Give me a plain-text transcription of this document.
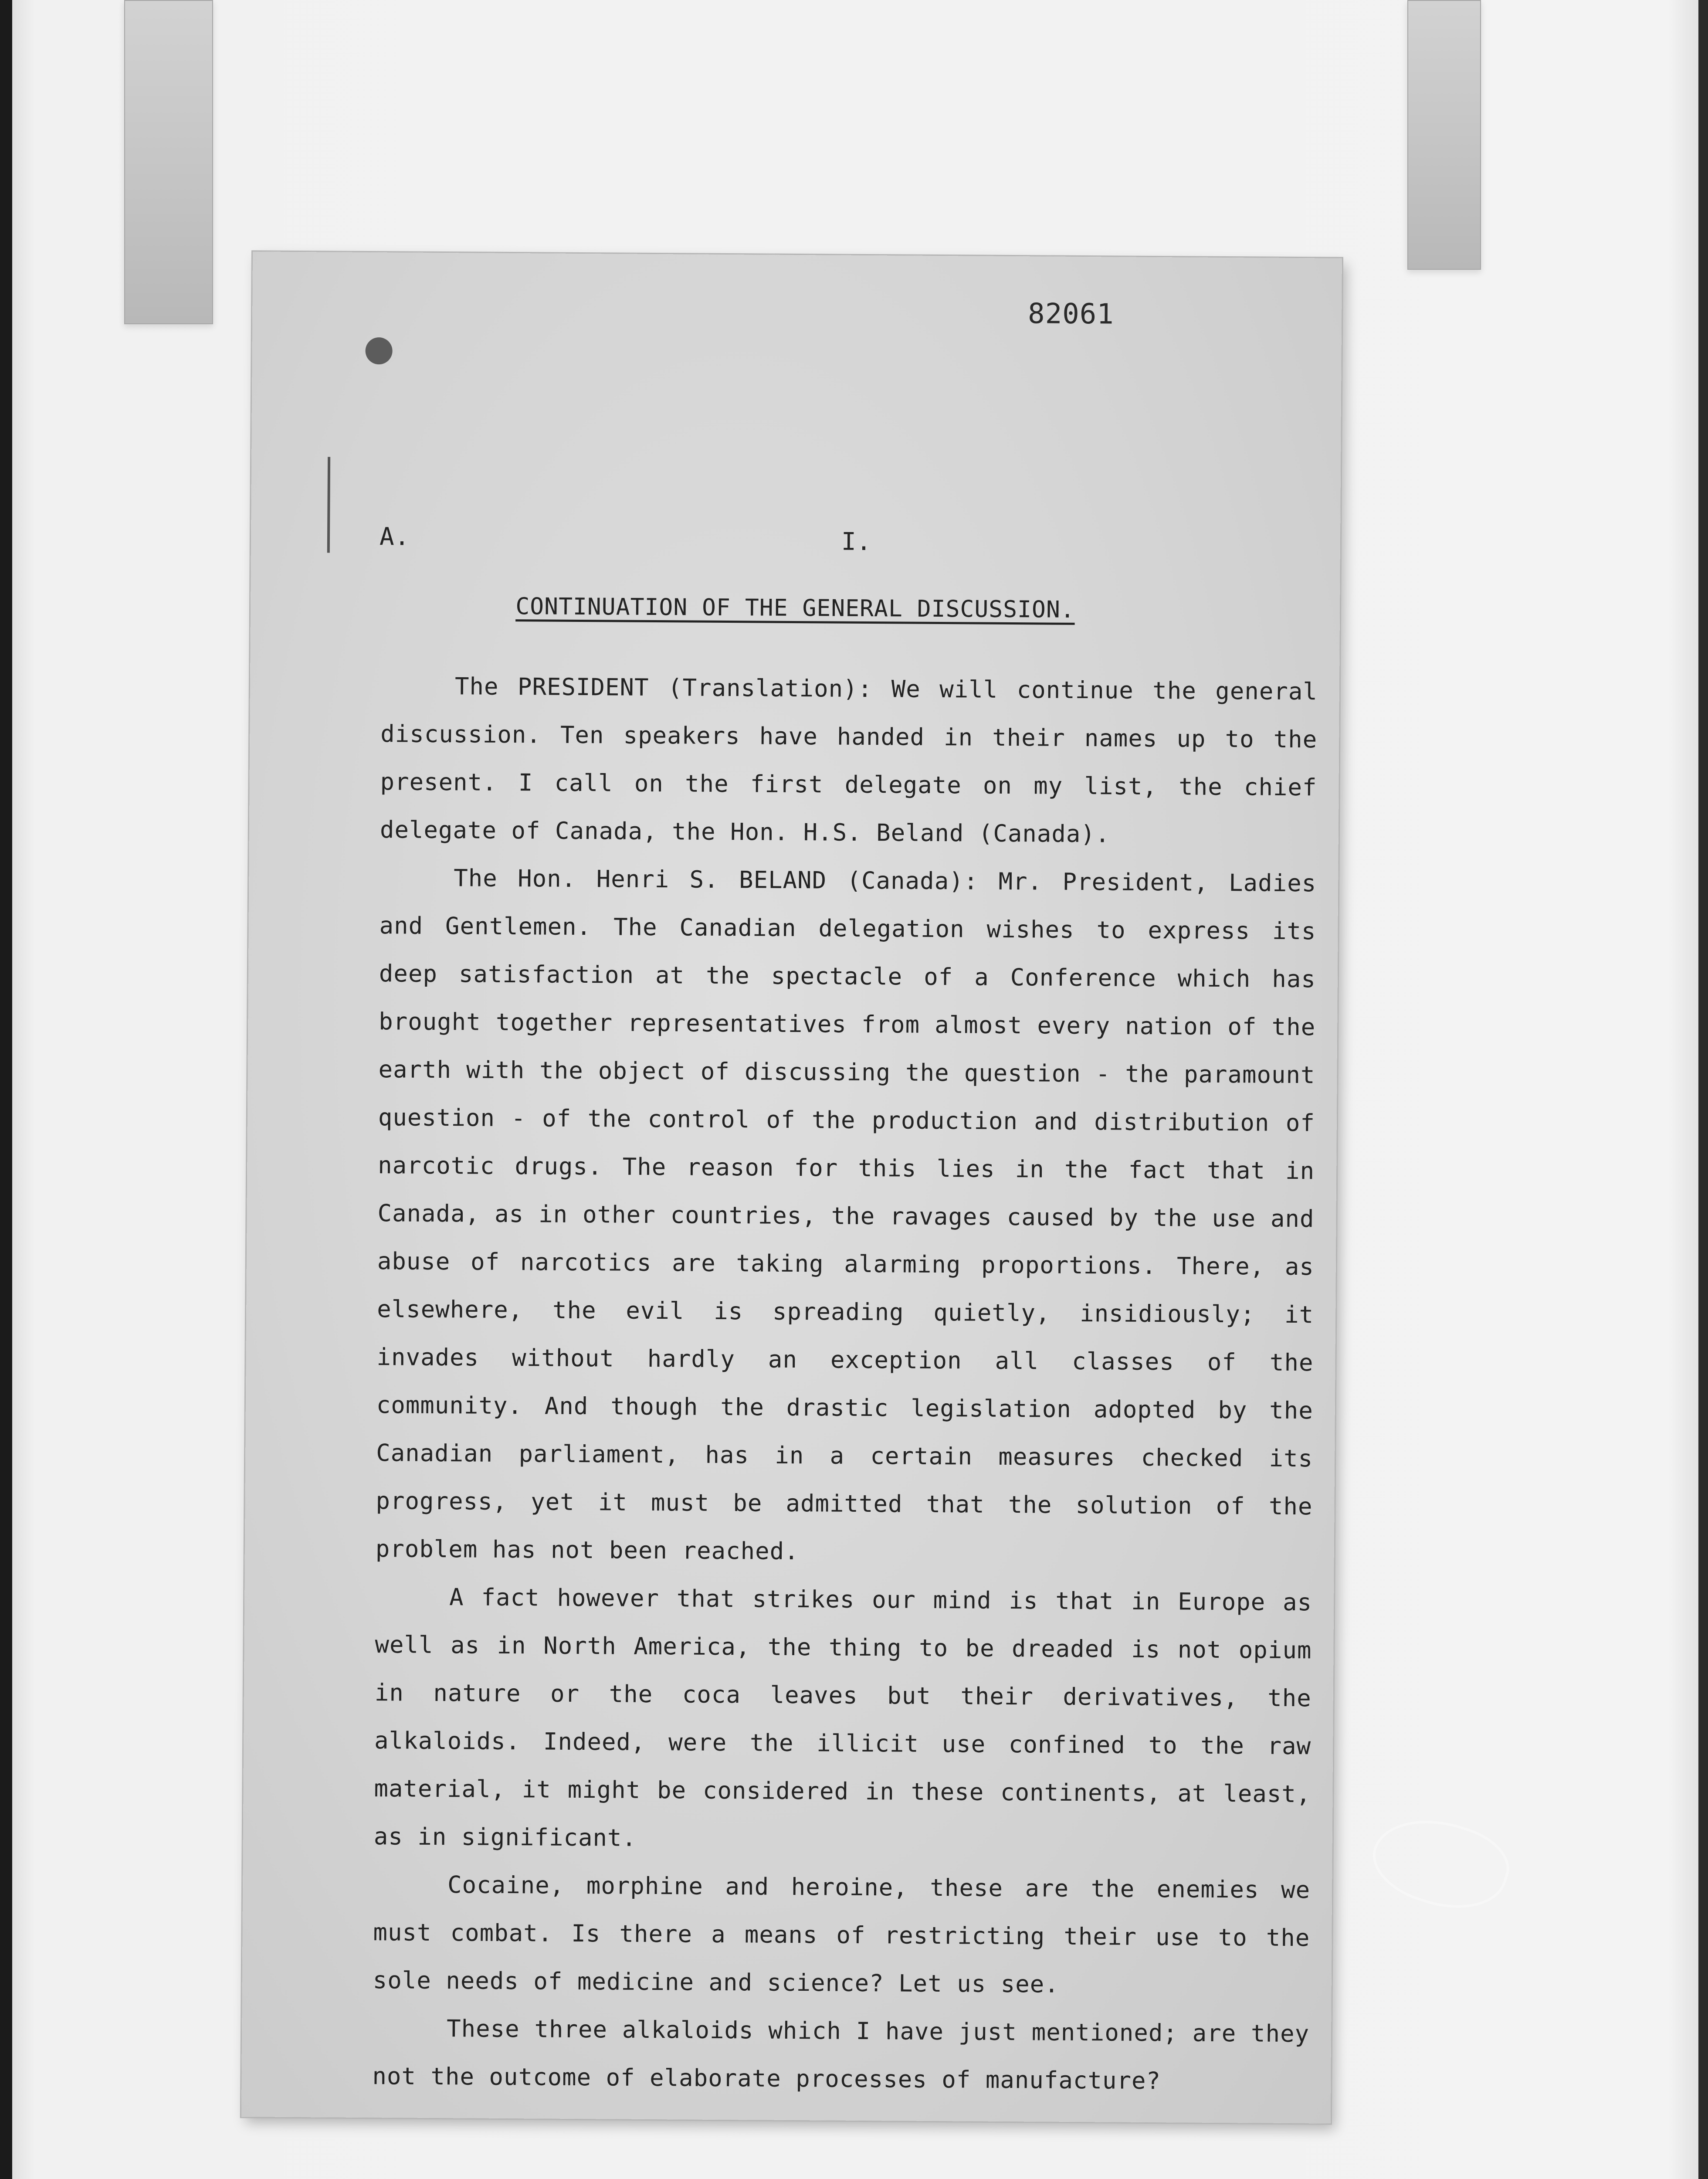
82061
A.	I.
CONTINUATION OF THE GENERAL DISCUSSION.

The PRESIDENT (Translation): We will continue the general discussion. Ten speakers have handed in their names up to the present. I call on the first delegate on my list, the chief delegate of Canada, the Hon. H.S. Beland (Canada).

The Hon. Henri S. BELAND (Canada): Mr. President, Ladies and Gentlemen. The Canadian delegation wishes to express its deep satisfaction at the spectacle of a Conference which has brought together representatives from almost every nation of the earth with the object of discussing the question - the paramount question - of the control of the production and distribution of narcotic drugs. The reason for this lies in the fact that in Canada, as in other countries, the ravages caused by the use and abuse of narcotics are taking alarming proportions. There, as elsewhere, the evil is spreading quietly, insidiously; it invades without hardly an exception all classes of the community. And though the drastic legislation adopted by the Canadian parliament, has in a certain measures checked its progress, yet it must be admitted that the solution of the problem has not been reached.

A fact however that strikes our mind is that in Europe as well as in North America, the thing to be dreaded is not opium in nature or the coca leaves but their derivatives, the alkaloids. Indeed, were the illicit use confined to the raw material, it might be considered in these continents, at least, as in significant.

Cocaine, morphine and heroine, these are the enemies we must combat. Is there a means of restricting their use to the sole needs of medicine and science? Let us see.

These three alkaloids which I have just mentioned; are they not the outcome of elaborate processes of manufacture?
